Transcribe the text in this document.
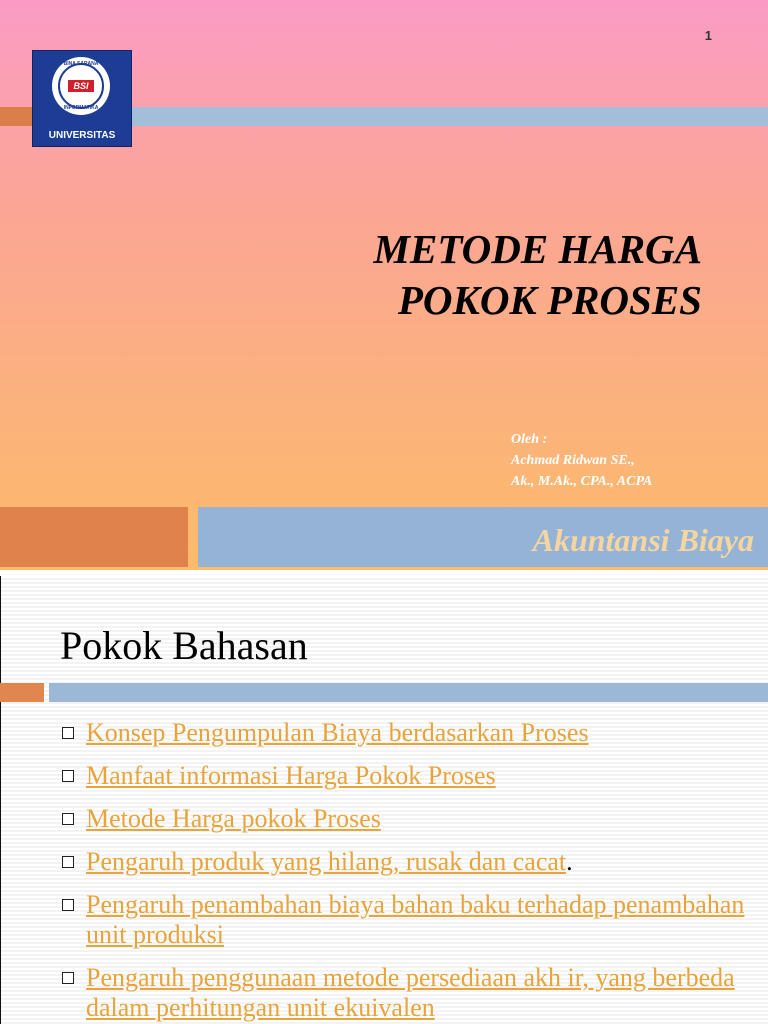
1
BINA SARANA
BSI
INFORMATIKA
UNIVERSITAS
METODE HARGA
POKOK PROSES
Oleh :
Achmad Ridwan SE.,
Ak., M.Ak., CPA., ACPA
Akuntansi Biaya
Pokok Bahasan
Konsep Pengumpulan Biaya berdasarkan Proses
Manfaat informasi Harga Pokok Proses
Metode Harga pokok Proses
Pengaruh produk yang hilang, rusak dan cacat.
Pengaruh penambahan biaya bahan baku terhadap penambahan unit produksi
Pengaruh penggunaan metode persediaan akh ir, yang berbeda dalam perhitungan unit ekuivalen
